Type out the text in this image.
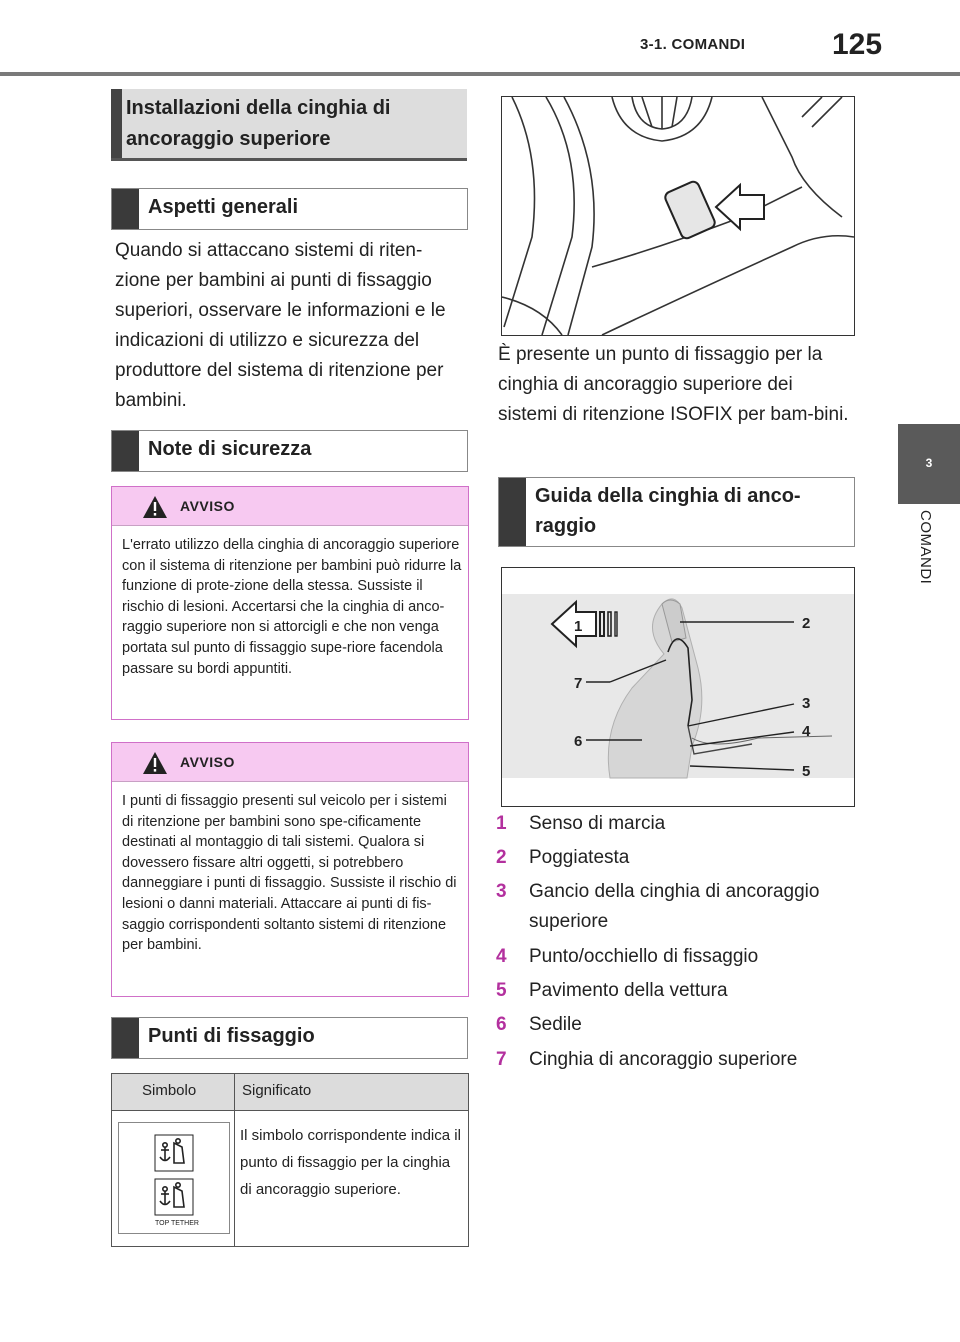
3-1. COMANDI	125
3
COMANDI
Installazioni della cinghia di ancoraggio superiore
Aspetti generali
Quando si attaccano sistemi di riten-zione per bambini ai punti di fissaggio superiori, osservare le informazioni e le indicazioni di utilizzo e sicurezza del produttore del sistema di ritenzione per bambini.
Note di sicurezza
AVVISO
L'errato utilizzo della cinghia di ancoraggio superiore con il sistema di ritenzione per bambini può ridurre la funzione di prote-zione della stessa. Sussiste il rischio di lesioni. Accertarsi che la cinghia di anco-raggio superiore non si attorcigli e che non venga portata sul punto di fissaggio supe-riore facendola passare su bordi appuntiti.
AVVISO
I punti di fissaggio presenti sul veicolo per i sistemi di ritenzione per bambini sono spe-cificamente destinati al montaggio di tali sistemi. Qualora si dovessero fissare altri oggetti, si potrebbero danneggiare i punti di fissaggio. Sussiste il rischio di lesioni o danni materiali. Attaccare ai punti di fis-saggio corrispondenti soltanto sistemi di ritenzione per bambini.
Punti di fissaggio
Simbolo	Significato
TOP TETHER
Il simbolo corrispondente indica il punto di fissaggio per la cinghia di ancoraggio superiore.
È presente un punto di fissaggio per la cinghia di ancoraggio superiore dei sistemi di ritenzione ISOFIX per bam-bini.
Guida della cinghia di anco-raggio
1	2
3
4
5
6
7
1	Senso di marcia
2	Poggiatesta
3	Gancio della cinghia di ancoraggio superiore
4	Punto/occhiello di fissaggio
5	Pavimento della vettura
6	Sedile
7	Cinghia di ancoraggio superiore
